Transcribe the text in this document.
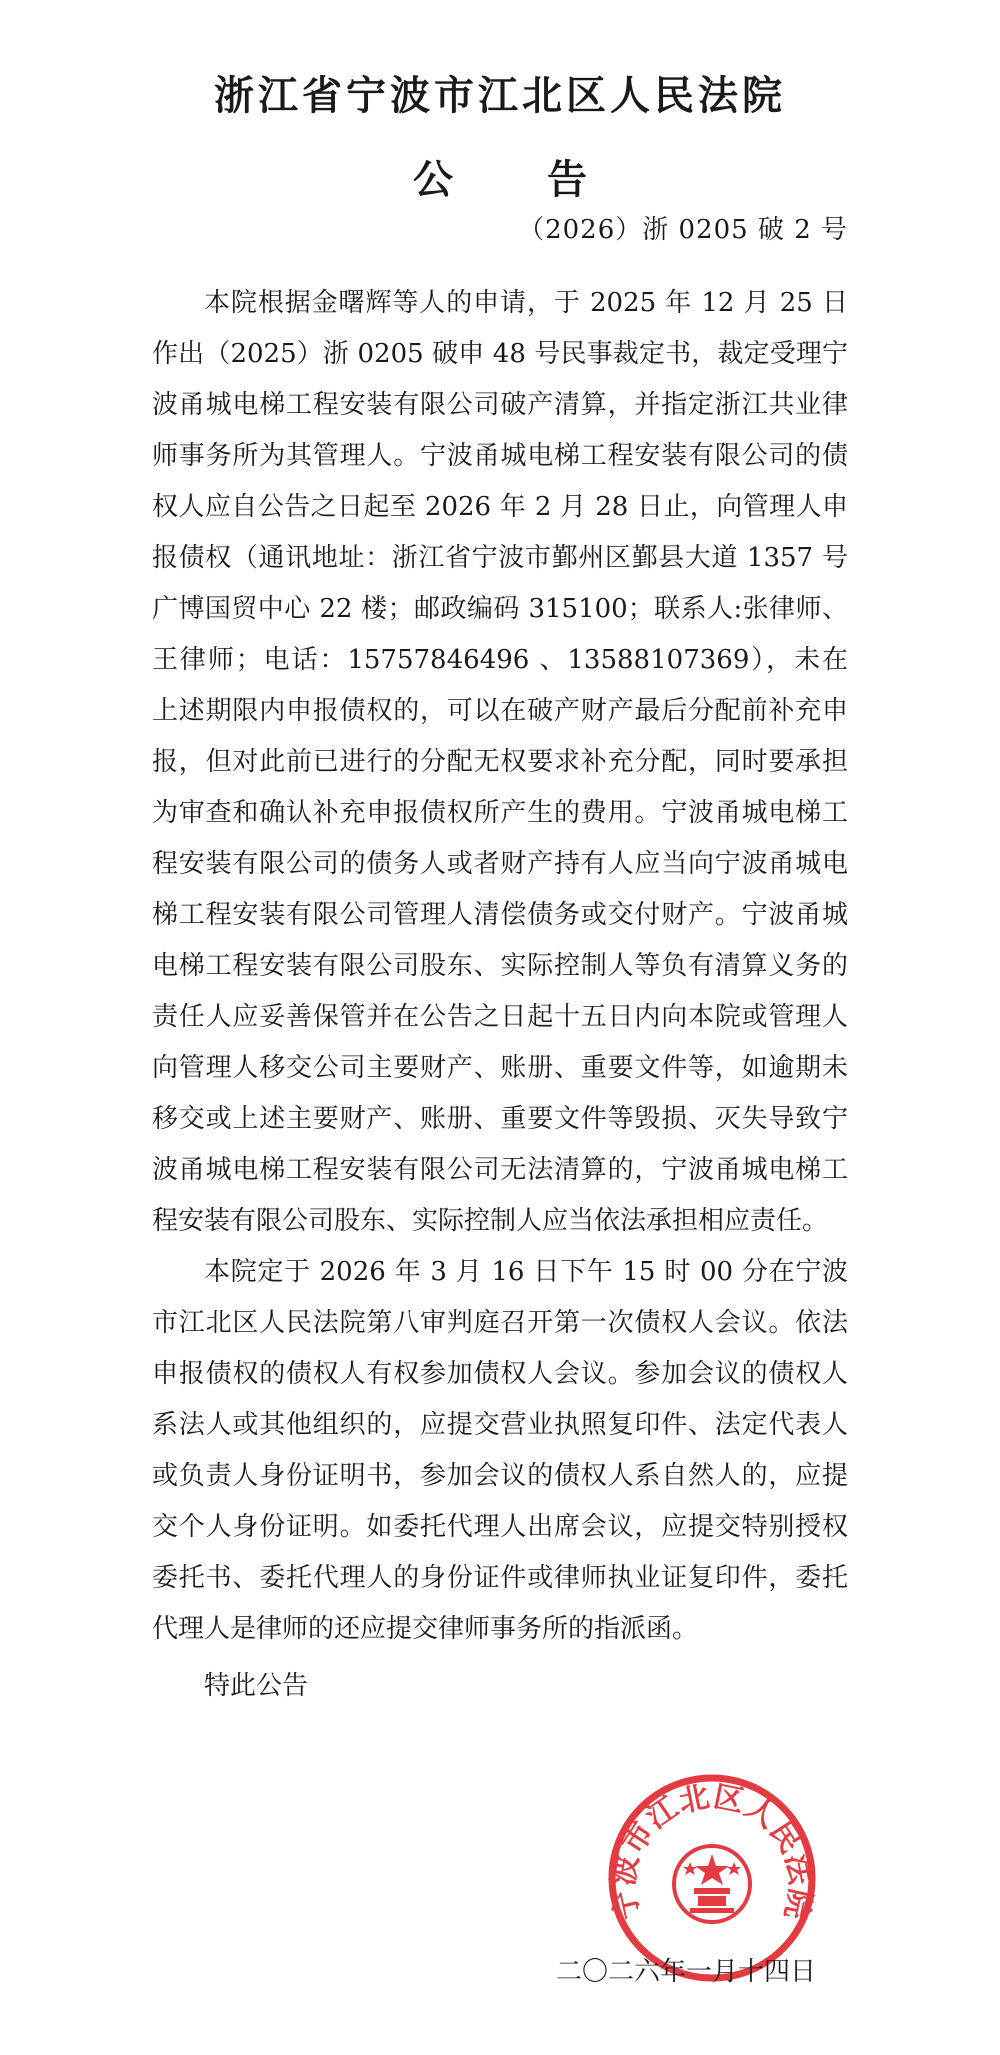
浙江省宁波市江北区人民法院
公 告
（2026）浙 0205 破 2 号

本院根据金曙辉等人的申请，于 2025 年 12 月 25 日作出（2025）浙 0205 破申 48 号民事裁定书，裁定受理宁波甬城电梯工程安装有限公司破产清算，并指定浙江共业律师事务所为其管理人。宁波甬城电梯工程安装有限公司的债权人应自公告之日起至 2026 年 2 月 28 日止，向管理人申报债权（通讯地址：浙江省宁波市鄞州区鄞县大道 1357 号广博国贸中心 22 楼；邮政编码 315100；联系人:张律师、王律师；电话：15757846496 、13588107369），未在上述期限内申报债权的，可以在破产财产最后分配前补充申报，但对此前已进行的分配无权要求补充分配，同时要承担为审查和确认补充申报债权所产生的费用。宁波甬城电梯工程安装有限公司的债务人或者财产持有人应当向宁波甬城电梯工程安装有限公司管理人清偿债务或交付财产。宁波甬城电梯工程安装有限公司股东、实际控制人等负有清算义务的责任人应妥善保管并在公告之日起十五日内向本院或管理人向管理人移交公司主要财产、账册、重要文件等，如逾期未移交或上述主要财产、账册、重要文件等毁损、灭失导致宁波甬城电梯工程安装有限公司无法清算的，宁波甬城电梯工程安装有限公司股东、实际控制人应当依法承担相应责任。

本院定于 2026 年 3 月 16 日下午 15 时 00 分在宁波市江北区人民法院第八审判庭召开第一次债权人会议。依法申报债权的债权人有权参加债权人会议。参加会议的债权人系法人或其他组织的，应提交营业执照复印件、法定代表人或负责人身份证明书，参加会议的债权人系自然人的，应提交个人身份证明。如委托代理人出席会议，应提交特别授权委托书、委托代理人的身份证件或律师执业证复印件，委托代理人是律师的还应提交律师事务所的指派函。

特此公告

宁波市江北区人民法院
二〇二六年一月十四日
